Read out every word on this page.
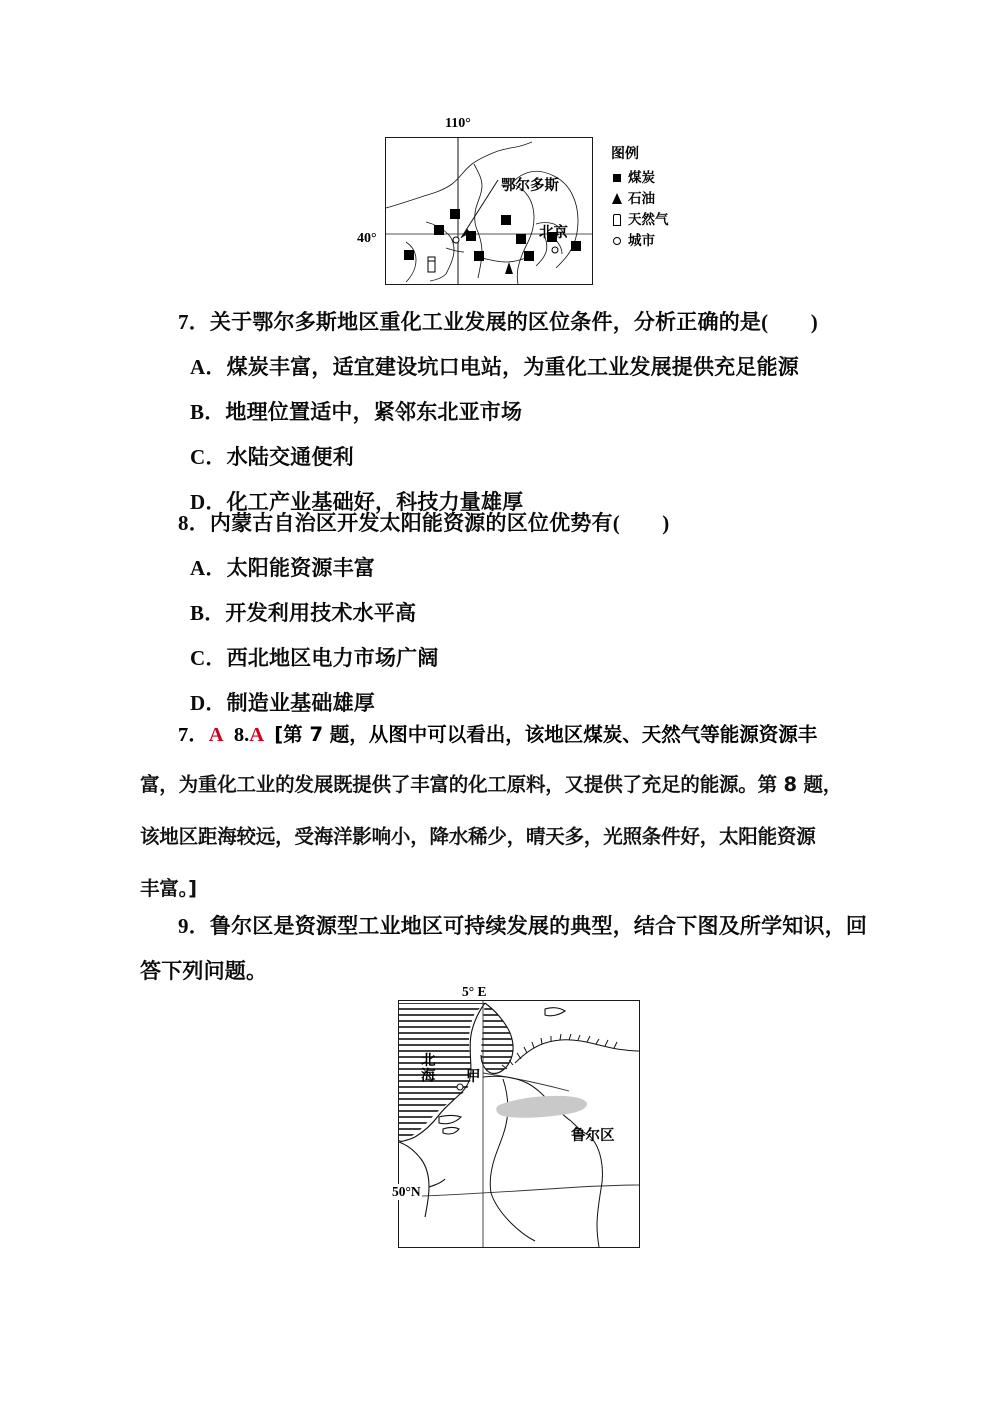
110°
40°
鄂尔多斯
北京
图例
煤炭
石油
天然气
城市
7．关于鄂尔多斯地区重化工业发展的区位条件，分析正确的是(　　)
A．煤炭丰富，适宜建设坑口电站，为重化工业发展提供充足能源
B．地理位置适中，紧邻东北亚市场
C．水陆交通便利
D．化工产业基础好，科技力量雄厚
8．内蒙古自治区开发太阳能资源的区位优势有(　　)
A．太阳能资源丰富
B．开发利用技术水平高
C．西北地区电力市场广阔
D．制造业基础雄厚
7．A 8.A [第 7 题，从图中可以看出，该地区煤炭、天然气等能源资源丰
富，为重化工业的发展既提供了丰富的化工原料，又提供了充足的能源。第 8 题，
该地区距海较远，受海洋影响小，降水稀少，晴天多，光照条件好，太阳能资源
丰富。]
9．鲁尔区是资源型工业地区可持续发展的典型，结合下图及所学知识，回
答下列问题。
5° E
50°N
北海 甲
鲁尔区
